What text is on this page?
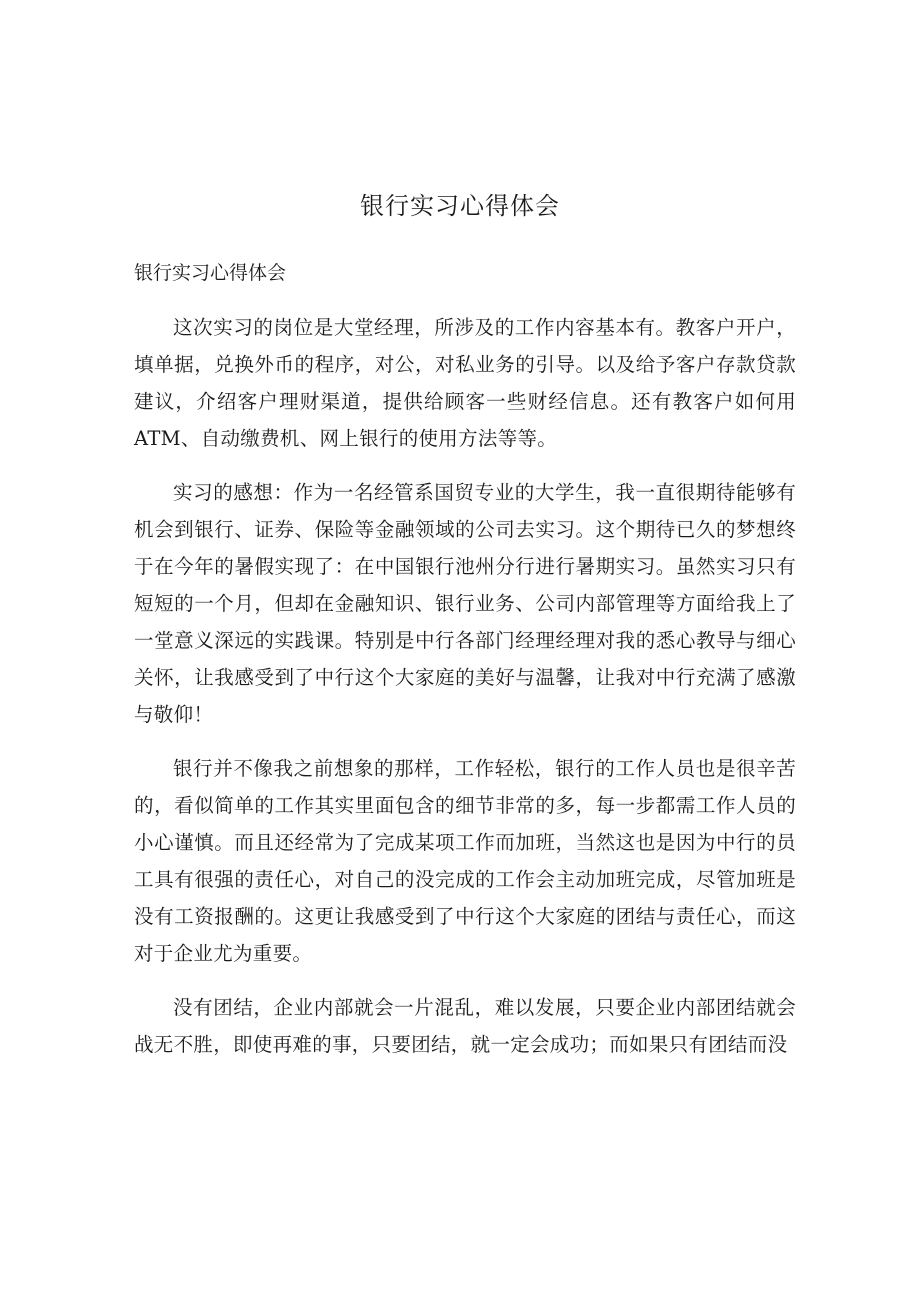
银行实习心得体会

银行实习心得体会

这次实习的岗位是大堂经理，所涉及的工作内容基本有。教客户开户，填单据，兑换外币的程序，对公，对私业务的引导。以及给予客户存款贷款建议，介绍客户理财渠道，提供给顾客一些财经信息。还有教客户如何用ATM、自动缴费机、网上银行的使用方法等等。

实习的感想：作为一名经管系国贸专业的大学生，我一直很期待能够有机会到银行、证券、保险等金融领域的公司去实习。这个期待已久的梦想终于在今年的暑假实现了：在中国银行池州分行进行暑期实习。虽然实习只有短短的一个月，但却在金融知识、银行业务、公司内部管理等方面给我上了一堂意义深远的实践课。特别是中行各部门经理经理对我的悉心教导与细心关怀，让我感受到了中行这个大家庭的美好与温馨，让我对中行充满了感激与敬仰！

银行并不像我之前想象的那样，工作轻松，银行的工作人员也是很辛苦的，看似简单的工作其实里面包含的细节非常的多，每一步都需工作人员的小心谨慎。而且还经常为了完成某项工作而加班，当然这也是因为中行的员工具有很强的责任心，对自己的没完成的工作会主动加班完成，尽管加班是没有工资报酬的。这更让我感受到了中行这个大家庭的团结与责任心，而这对于企业尤为重要。

没有团结，企业内部就会一片混乱，难以发展，只要企业内部团结就会战无不胜，即使再难的事，只要团结，就一定会成功；而如果只有团结而没
